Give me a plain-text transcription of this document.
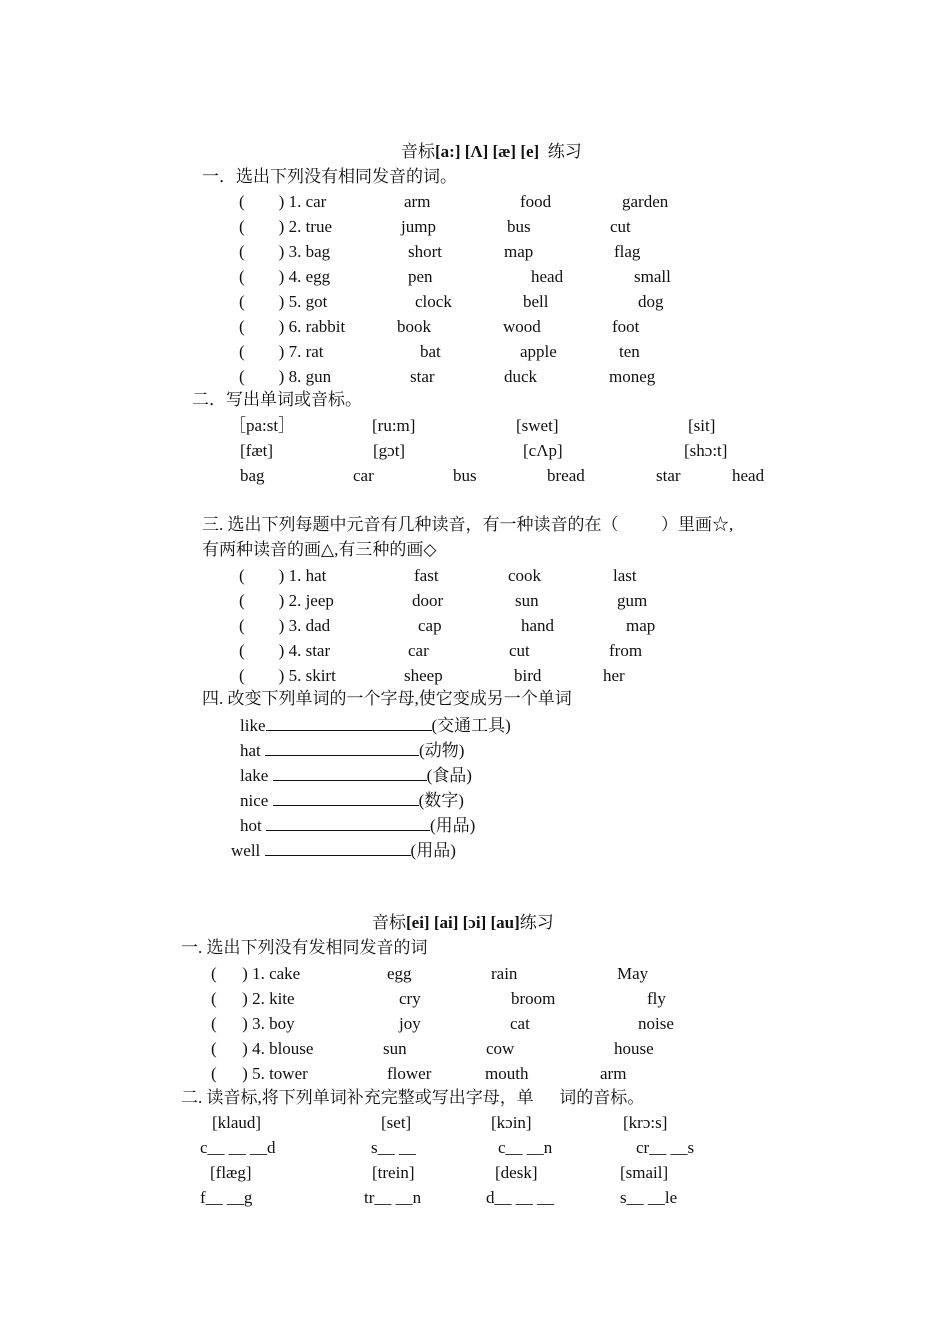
音标[a:] [Λ] [æ] [e]  练习
一．选出下列没有相同发音的词。
(        ) 1. car	arm	food	garden
(        ) 2. true	jump	bus	cut
(        ) 3. bag	short	map	flag
(        ) 4. egg	pen	head	small
(        ) 5. got	clock	bell	dog
(        ) 6. rabbit	book	wood	foot
(        ) 7. rat	bat	apple	ten
(        ) 8. gun	star	duck	moneg
二．写出单词或音标。
［pa:st］	[ru:m]	[swet]	[sit]
[fæt]	[gɔt]	[cΛp]	[shɔ:t]
bag	car	bus	bread	star	head
三. 选出下列每题中元音有几种读音，有一种读音的在（          ）里画☆,
有两种读音的画△,有三种的画◇
(        ) 1. hat	fast	cook	last
(        ) 2. jeep	door	sun	gum
(        ) 3. dad	cap	hand	map
(        ) 4. star	car	cut	from
(        ) 5. skirt	sheep	bird	her
四. 改变下列单词的一个字母,使它变成另一个单词
like	(交通工具)
hat	(动物)
lake	(食品)
nice	(数字)
hot	(用品)
well	(用品)
音标[ei] [ai] [ɔi] [au]练习
一. 选出下列没有发相同发音的词
(      ) 1. cake	egg	rain	May
(      ) 2. kite	cry	broom	fly
(      ) 3. boy	joy	cat	noise
(      ) 4. blouse	sun	cow	house
(      ) 5. tower	flower	mouth	arm
二. 读音标,将下列单词补充完整或写出字母，单      词的音标。
[klaud]	[set]	[kɔin]	[krɔ:s]
c__ __ __d	s__ __	c__ __n	cr__ __s
[flæg]	[trein]	[desk]	[smail]
f__ __g	tr__ __n	d__ __ __	s__ __le
